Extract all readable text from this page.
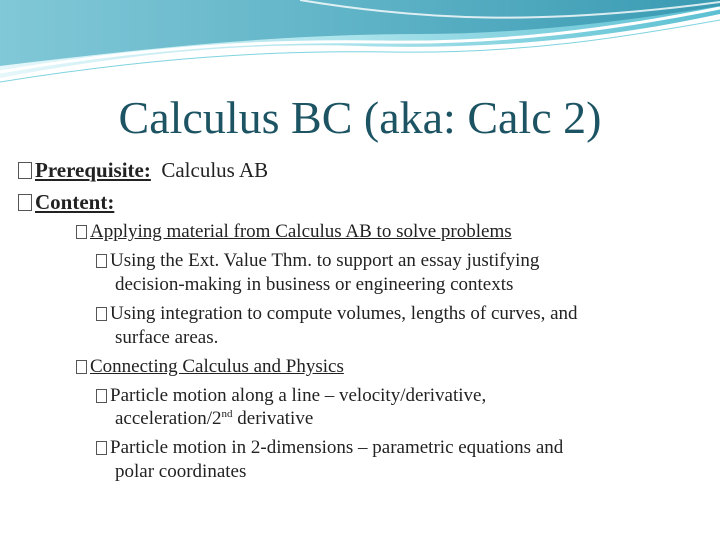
Calculus BC (aka: Calc 2)
Prerequisite: Calculus AB
Content:
Applying material from Calculus AB to solve problems
Using the Ext. Value Thm. to support an essay justifying
decision-making in business or engineering contexts
Using integration to compute volumes, lengths of curves, and
surface areas.
Connecting Calculus and Physics
Particle motion along a line – velocity/derivative,
acceleration/2nd derivative
Particle motion in 2-dimensions – parametric equations and
polar coordinates
